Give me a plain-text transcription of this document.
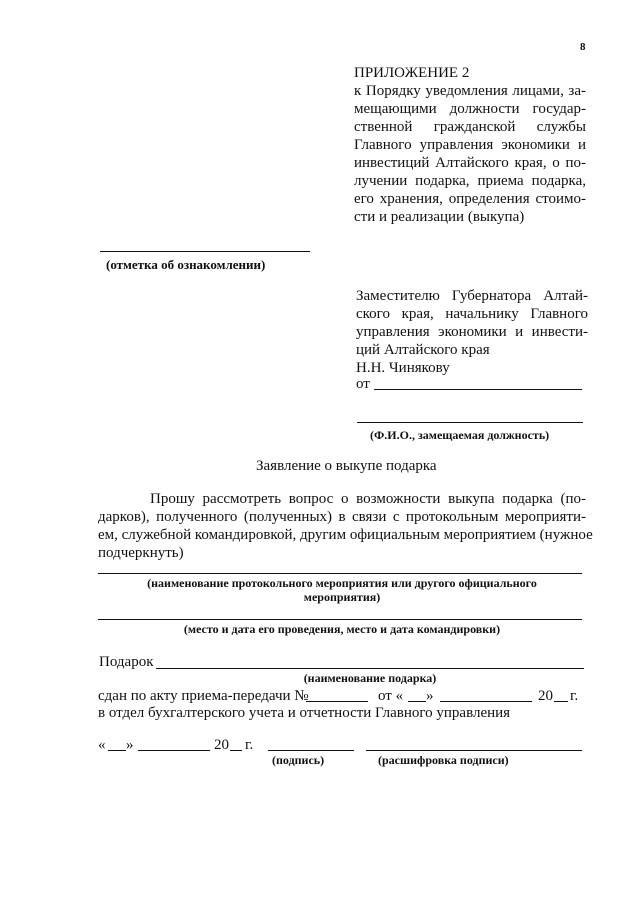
8
ПРИЛОЖЕНИЕ 2
к Порядку уведомления лицами, за-
мещающими должности государ-
ственной гражданской службы
Главного управления экономики и
инвестиций Алтайского края, о по-
лучении подарка, приема подарка,
его хранения, определения стоимо-
сти и реализации (выкупа)
(отметка об ознакомлении)
Заместителю Губернатора Алтай-
ского края, начальнику Главного
управления экономики и инвести-
ций Алтайского края
Н.Н. Чинякову
от
(Ф.И.О., замещаемая должность)
Заявление о выкупе подарка
Прошу рассмотреть вопрос о возможности выкупа подарка (по-
дарков), полученного (полученных) в связи с протокольным мероприяти-
ем, служебной командировкой, другим официальным мероприятием (нужное
подчеркнуть)
(наименование протокольного мероприятия или другого официального
мероприятия)
(место и дата его проведения, место и дата командировки)
Подарок
(наименование подарка)
сдан по акту приема-передачи №	от « »	20 г.
в отдел бухгалтерского учета и отчетности Главного управления
« »	20 г.
(подпись)	(расшифровка подписи)
